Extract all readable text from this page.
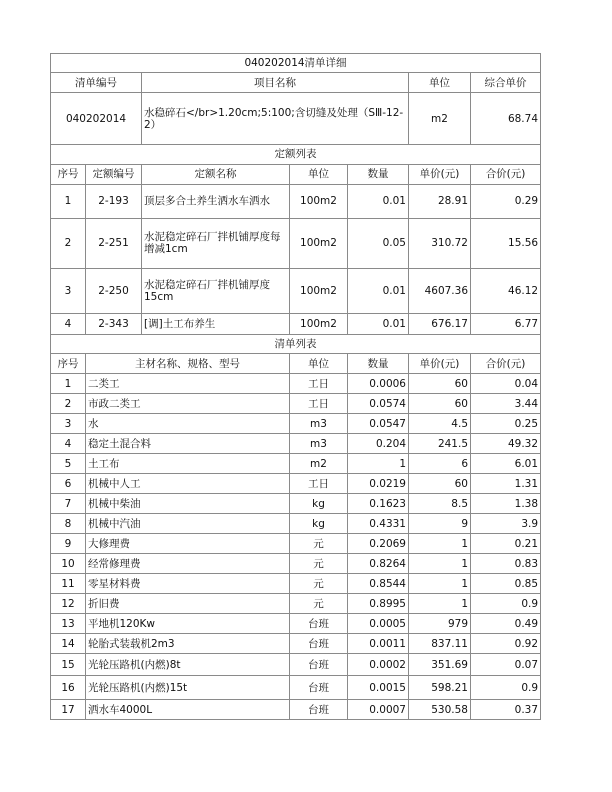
040202014清单详细			
清单编号	项目名称	单位	综合单价
040202014	水稳碎石</br>1.20cm;5:100;含切缝及处理（SⅢ-12-2）	m2	68.74
定额列表						
序号	定额编号	定额名称	单位	数量	单价(元)	合价(元)
1	2-193	顶层多合土养生洒水车洒水	100m2	0.01	28.91	0.29
2	2-251	水泥稳定碎石厂拌机铺厚度每增减1cm	100m2	0.05	310.72	15.56
3	2-250	水泥稳定碎石厂拌机铺厚度15cm	100m2	0.01	4607.36	46.12
4	2-343	[调]土工布养生	100m2	0.01	676.17	6.77
清单列表					
序号	主材名称、规格、型号	单位	数量	单价(元)	合价(元)
1	二类工	工日	0.0006	60	0.04
2	市政二类工	工日	0.0574	60	3.44
3	水	m3	0.0547	4.5	0.25
4	稳定土混合料	m3	0.204	241.5	49.32
5	土工布	m2	1	6	6.01
6	机械中人工	工日	0.0219	60	1.31
7	机械中柴油	kg	0.1623	8.5	1.38
8	机械中汽油	kg	0.4331	9	3.9
9	大修理费	元	0.2069	1	0.21
10	经常修理费	元	0.8264	1	0.83
11	零星材料费	元	0.8544	1	0.85
12	折旧费	元	0.8995	1	0.9
13	平地机120Kw	台班	0.0005	979	0.49
14	轮胎式装载机2m3	台班	0.0011	837.11	0.92
15	光轮压路机(内燃)8t	台班	0.0002	351.69	0.07
16	光轮压路机(内燃)15t	台班	0.0015	598.21	0.9
17	洒水车4000L	台班	0.0007	530.58	0.37
